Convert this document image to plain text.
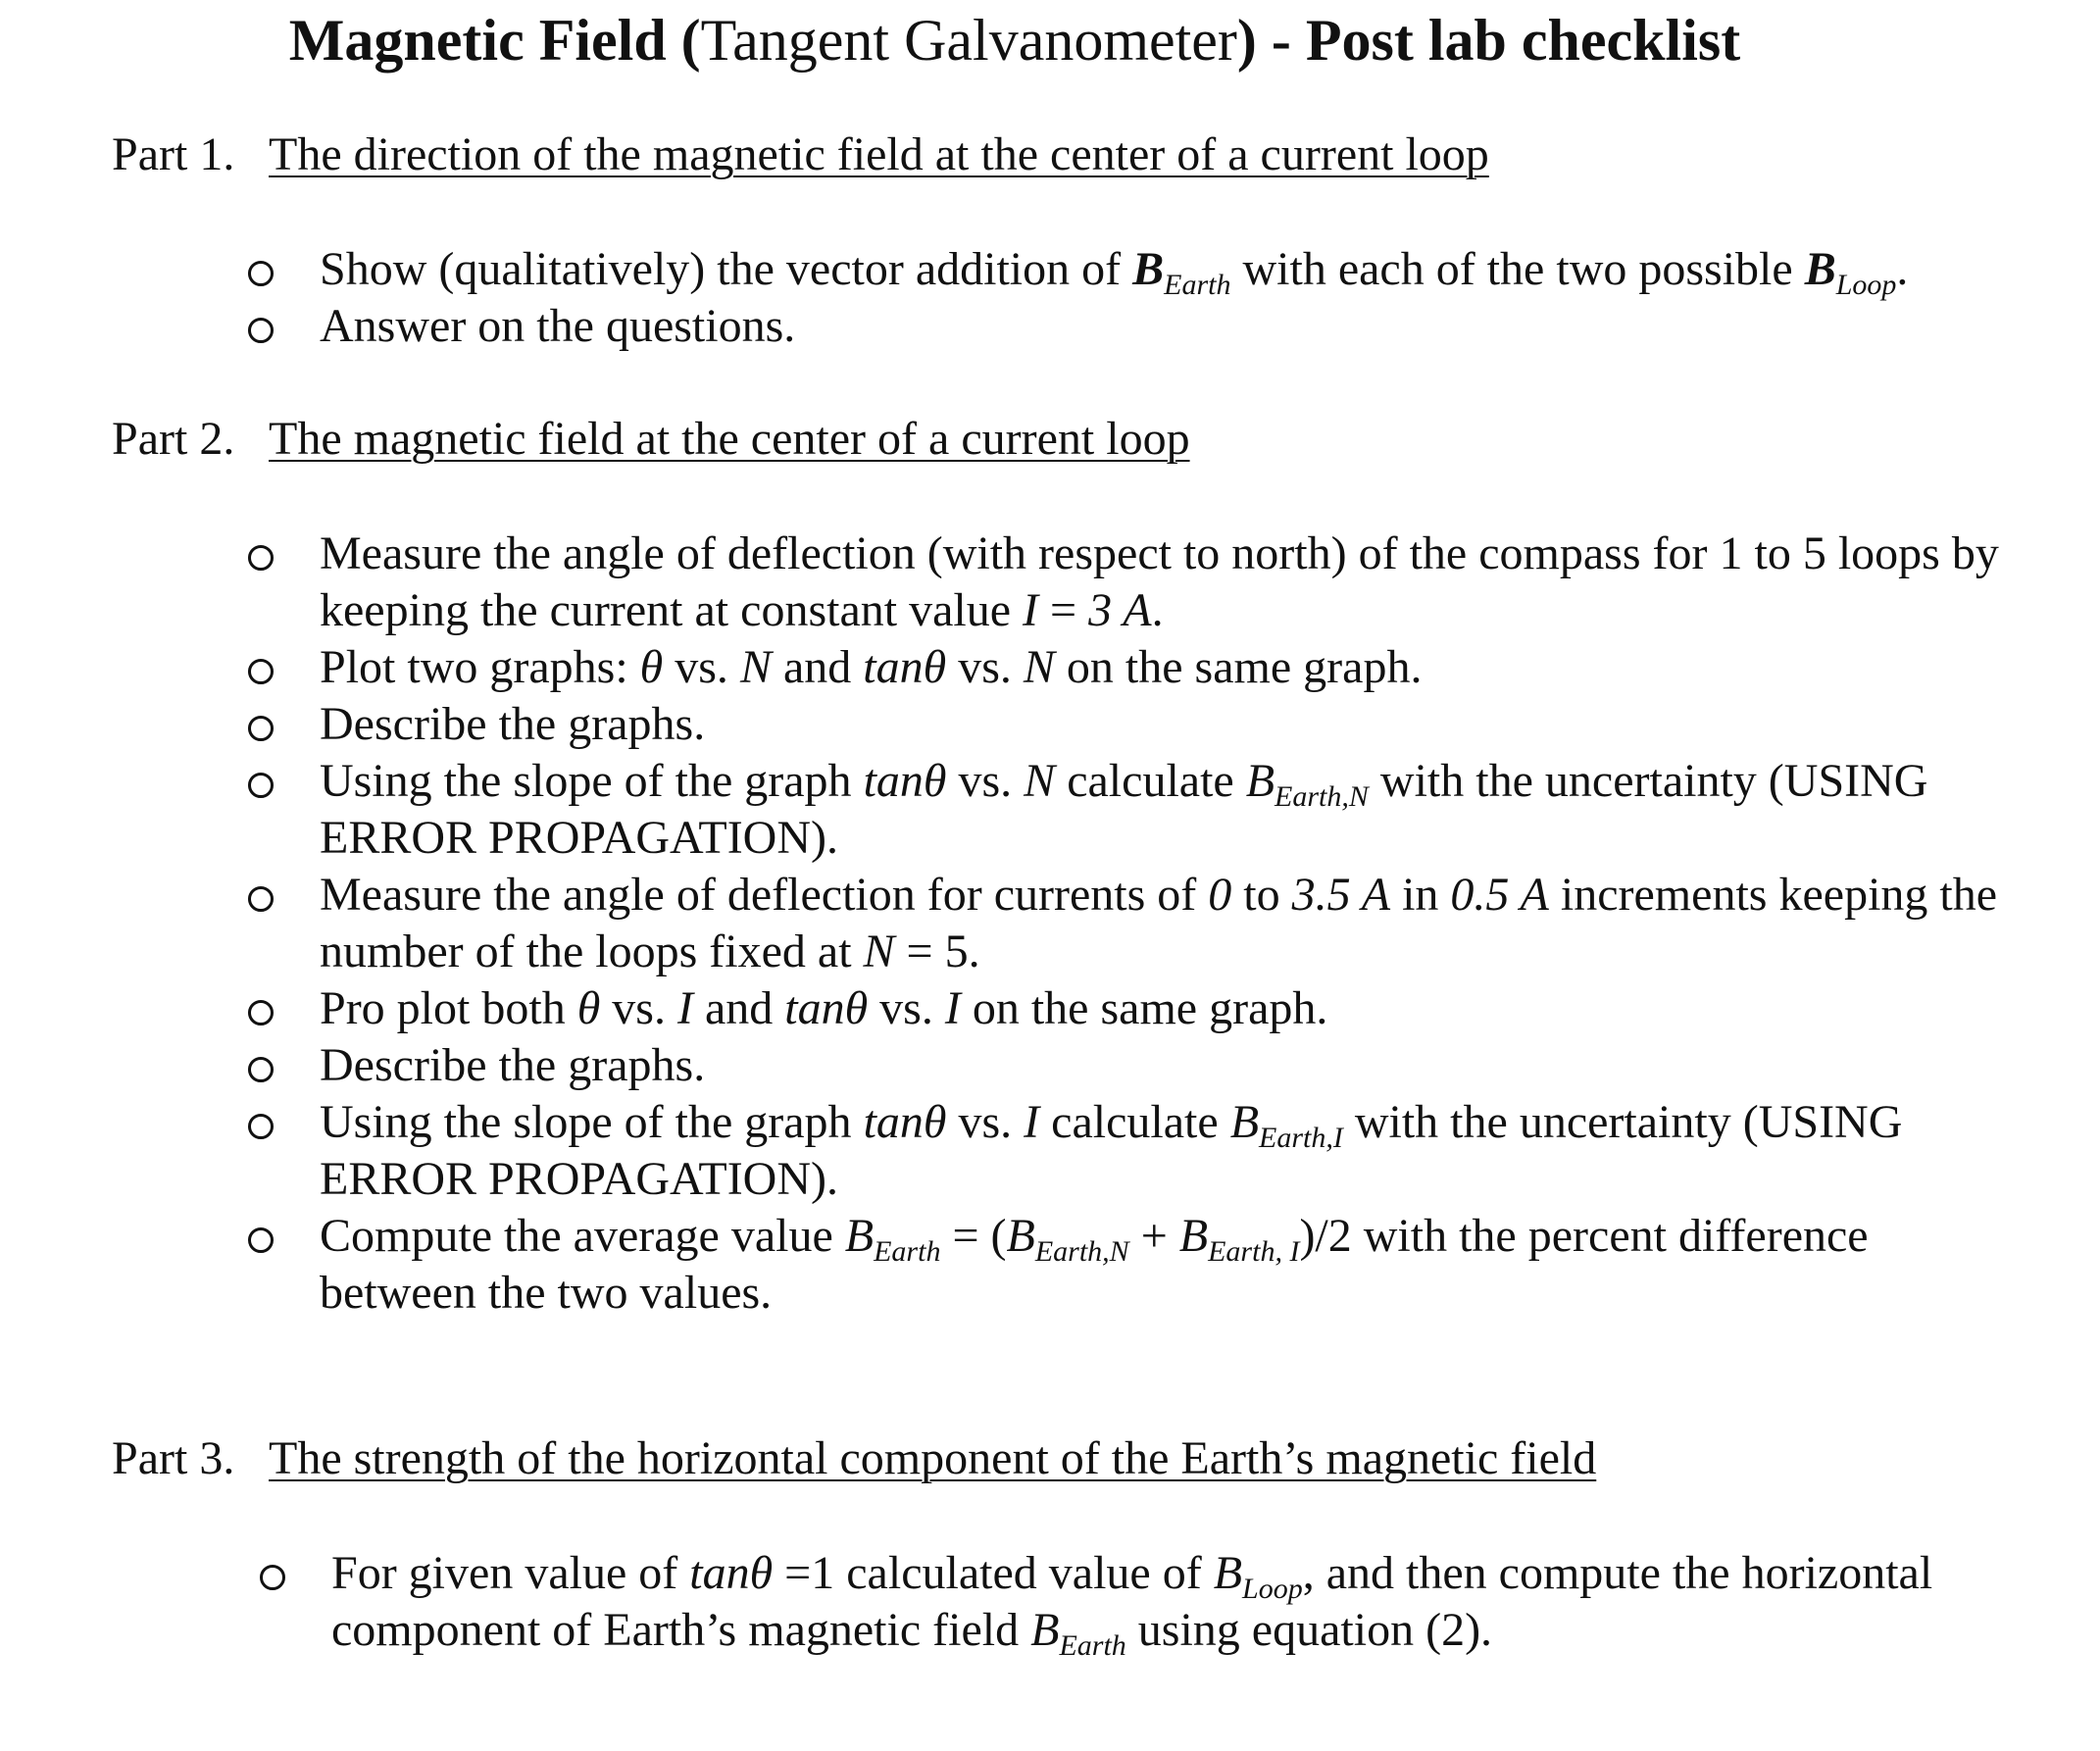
Magnetic Field (Tangent Galvanometer) - Post lab checklist
Part 1. The direction of the magnetic field at the center of a current loop
Show (qualitatively) the vector addition of $B_{Earth}$ with each of the two possible $B_{Loop}$.
Answer on the questions.
Part 2. The magnetic field at the center of a current loop
Measure the angle of deflection (with respect to north) of the compass for 1 to 5 loops by keeping the current at constant value I = 3 A.
Plot two graphs: θ vs. N and tanθ vs. N on the same graph.
Describe the graphs.
Using the slope of the graph tanθ vs. N calculate $B_{Earth,N}$ with the uncertainty (USING ERROR PROPAGATION).
Measure the angle of deflection for currents of 0 to 3.5 A in 0.5 A increments keeping the number of the loops fixed at N = 5.
Pro plot both θ vs. I and tanθ vs. I on the same graph.
Describe the graphs.
Using the slope of the graph tanθ vs. I calculate $B_{Earth,I}$ with the uncertainty (USING ERROR PROPAGATION).
Compute the average value $B_{Earth} = (B_{Earth,N} + B_{Earth, I})/2$ with the percent difference between the two values.
Part 3. The strength of the horizontal component of the Earth’s magnetic field
For given value of tanθ =1 calculated value of $B_{Loop}$, and then compute the horizontal component of Earth’s magnetic field $B_{Earth}$ using equation (2).
